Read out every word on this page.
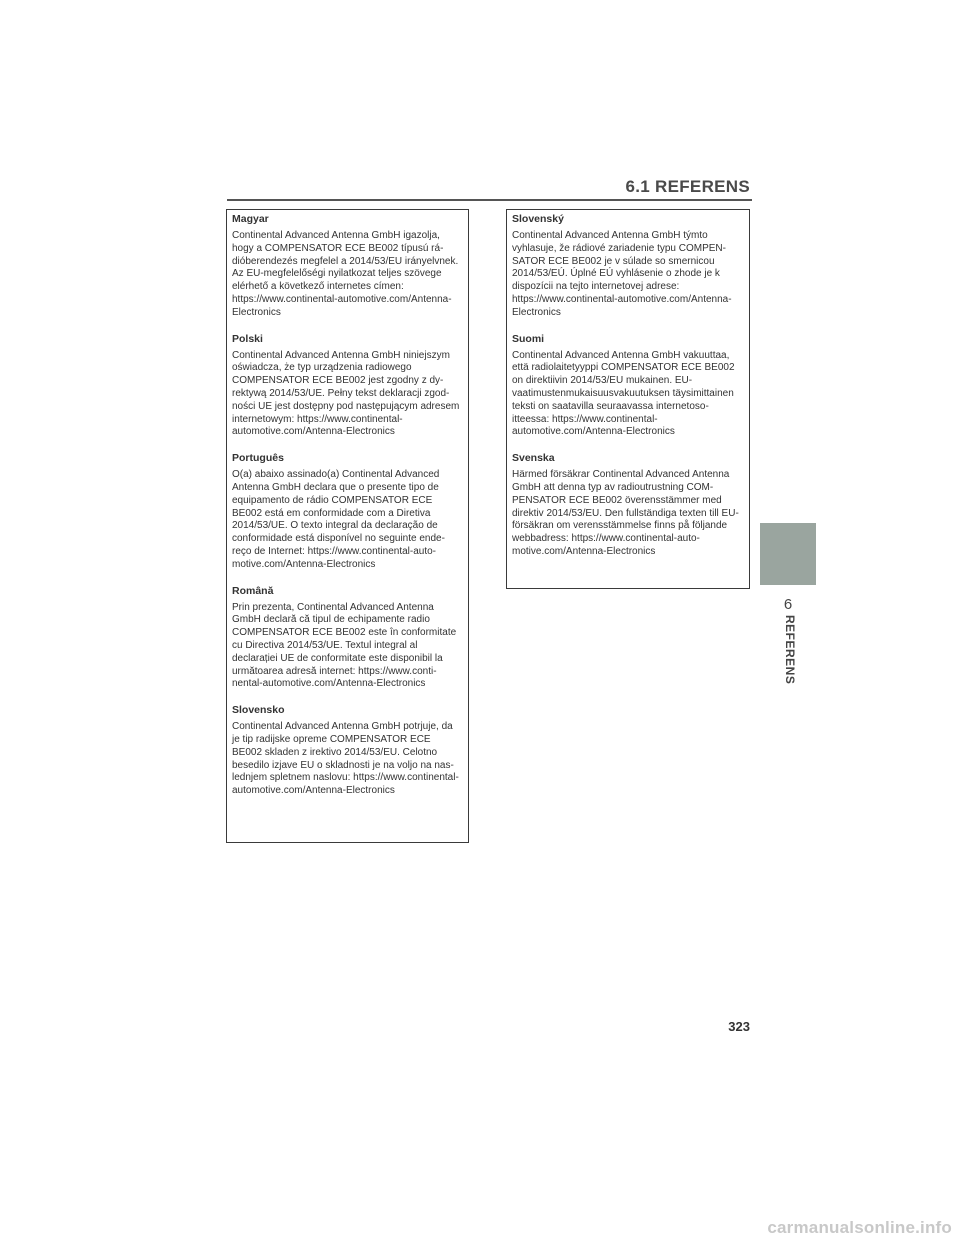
6.1 REFERENS
Magyar
Continental Advanced Antenna GmbH igazolja, hogy a COMPENSATOR ECE BE002 típusú rádióberendezés megfelel a 2014/53/EU irányelvnek. Az EU-megfelelőségi nyilatkozat teljes szövege elérhető a következő internetes címen: https://www.continental-automotive.com/Antenna-Electronics
Polski
Continental Advanced Antenna GmbH niniejszym oświadcza, że typ urządzenia radiowego COMPENSATOR ECE BE002 jest zgodny z dyrektywą 2014/53/UE. Pełny tekst deklaracji zgodności UE jest dostępny pod następującym adresem internetowym: https://www.continental-automotive.com/Antenna-Electronics
Português
O(a) abaixo assinado(a) Continental Advanced Antenna GmbH declara que o presente tipo de equipamento de rádio COMPENSATOR ECE BE002 está em conformidade com a Diretiva 2014/53/UE. O texto integral da declaração de conformidade está disponível no seguinte endereço de Internet: https://www.continental-automotive.com/Antenna-Electronics
Română
Prin prezenta, Continental Advanced Antenna GmbH declară că tipul de echipamente radio COMPENSATOR ECE BE002 este în conformitate cu Directiva 2014/53/UE. Textul integral al declarației UE de conformitate este disponibil la următoarea adresă internet: https://www.continental-automotive.com/Antenna-Electronics
Slovensko
Continental Advanced Antenna GmbH potrjuje, da je tip radijske opreme COMPENSATOR ECE BE002 skladen z irektivo 2014/53/EU. Celotno besedilo izjave EU o skladnosti je na voljo na naslednjem spletnem naslovu: https://www.continental-automotive.com/Antenna-Electronics
Slovenský
Continental Advanced Antenna GmbH týmto vyhlasuje, že rádiové zariadenie typu COMPENSATOR ECE BE002 je v súlade so smernicou 2014/53/EÚ. Úplné EÚ vyhlásenie o zhode je k dispozícii na tejto internetovej adrese: https://www.continental-automotive.com/Antenna-Electronics
Suomi
Continental Advanced Antenna GmbH vakuuttaa, että radiolaitetyyppi COMPENSATOR ECE BE002 on direktiivin 2014/53/EU mukainen. EU-vaatimustenmukaisuusvakuutuksen täysimittainen teksti on saatavilla seuraavassa internetosoitteessa: https://www.continental-automotive.com/Antenna-Electronics
Svenska
Härmed försäkrar Continental Advanced Antenna GmbH att denna typ av radioutrustning COMPENSATOR ECE BE002 överensstämmer med direktiv 2014/53/EU. Den fullständiga texten till EU-försäkran om verensstämmelse finns på följande webbadress: https://www.continental-automotive.com/Antenna-Electronics
6
REFERENS
323
carmanualsonline.info
